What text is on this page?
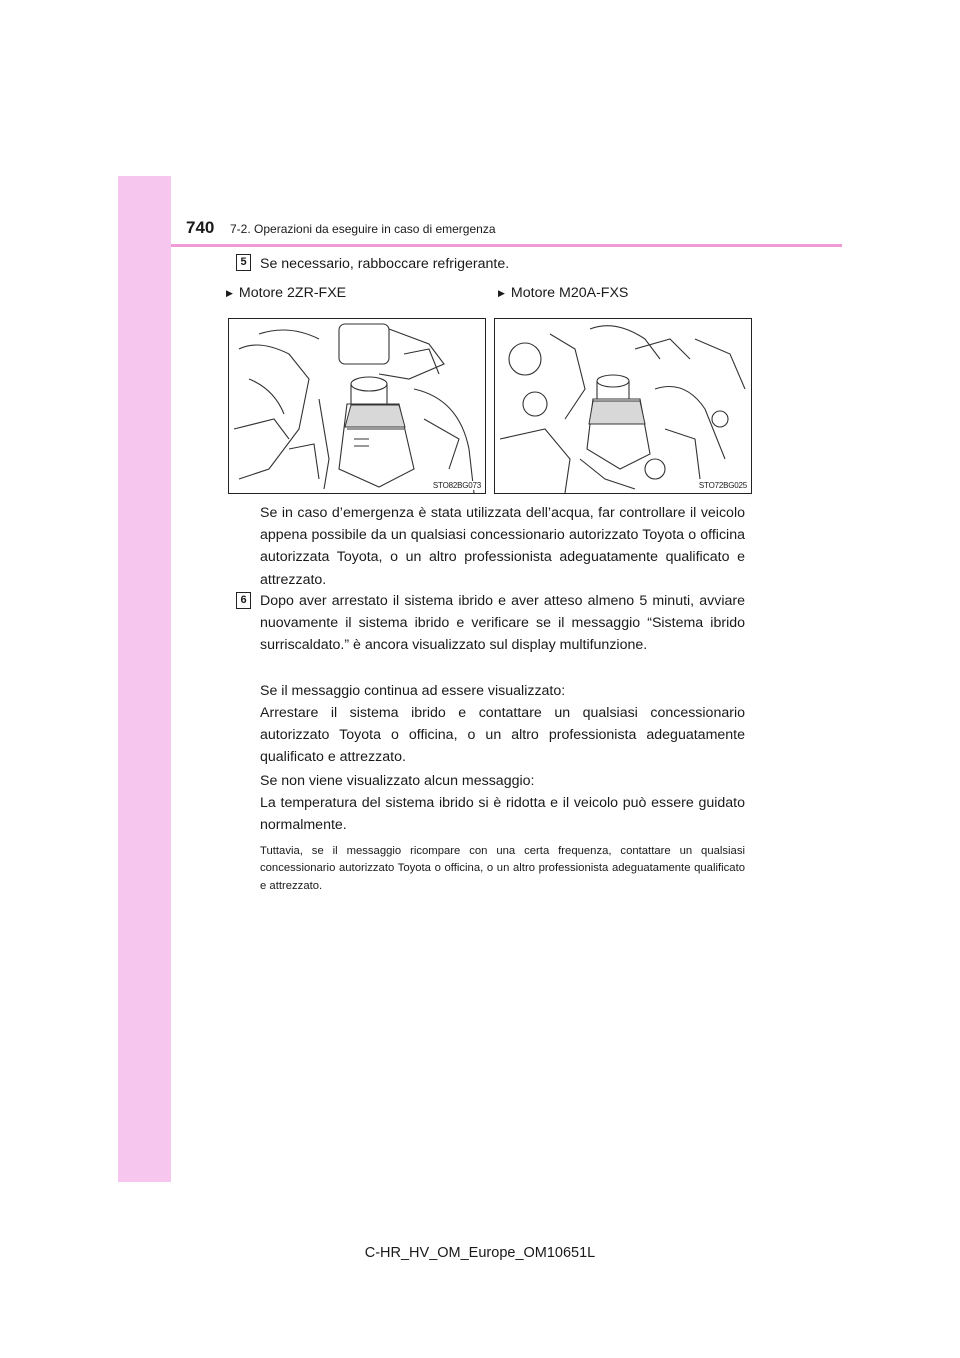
740 7-2. Operazioni da eseguire in caso di emergenza
5 Se necessario, rabboccare refrigerante.
▶ Motore 2ZR-FXE	▶ Motore M20A-FXS
STO82BG073	STO72BG025
Se in caso d’emergenza è stata utilizzata dell’acqua, far controllare il veicolo appena possibile da un qualsiasi concessionario autorizzato Toyota o officina autorizzata Toyota, o un altro professionista adeguatamente qualificato e attrezzato.
6 Dopo aver arrestato il sistema ibrido e aver atteso almeno 5 minuti, avviare nuovamente il sistema ibrido e verificare se il messaggio “Sistema ibrido surriscaldato.” è ancora visualizzato sul display multifunzione.
Se il messaggio continua ad essere visualizzato:
Arrestare il sistema ibrido e contattare un qualsiasi concessionario autorizzato Toyota o officina, o un altro professionista adeguatamente qualificato e attrezzato.
Se non viene visualizzato alcun messaggio:
La temperatura del sistema ibrido si è ridotta e il veicolo può essere guidato normalmente.
Tuttavia, se il messaggio ricompare con una certa frequenza, contattare un qualsiasi concessionario autorizzato Toyota o officina, o un altro professionista adeguatamente qualificato e attrezzato.
C-HR_HV_OM_Europe_OM10651L
